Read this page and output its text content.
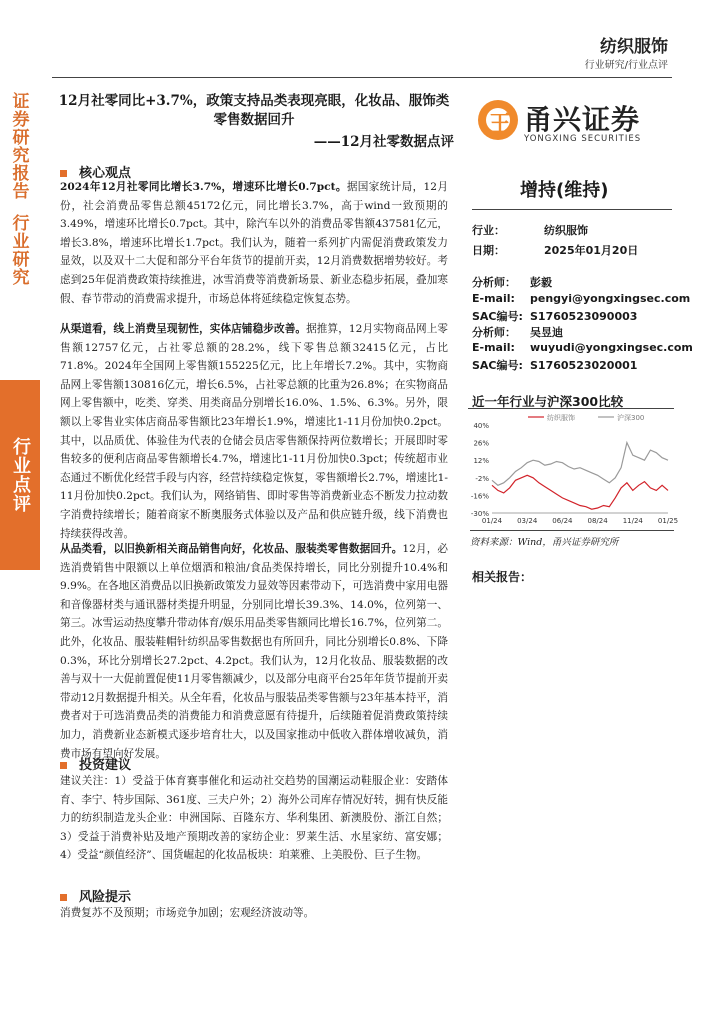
证券研究报告
行业研究
行业点评
纺织服饰
行业研究/行业点评
12月社零同比+3.7%，政策支持品类表现亮眼，化妆品、服饰类零售数据回升
——12月社零数据点评
王 甬兴证券
YONGXING SECURITIES
增持(维持)
行业：	纺织服饰
日期：	2025年01月20日
分析师： 彭毅
E-mail: pengyi@yongxingsec.com
SAC编号: S1760523090003
分析师： 吴昱迪
E-mail: wuyudi@yongxingsec.com
SAC编号: S1760523020001
核心观点
2024年12月社零同比增长3.7%，增速环比增长0.7pct。据国家统计局，12月份，社会消费品零售总额45172亿元，同比增长3.7%，高于wind一致预期的3.49%，增速环比增长0.7pct。其中，除汽车以外的消费品零售额437581亿元，增长3.8%，增速环比增长1.7pct。我们认为，随着一系列扩内需促消费政策发力显效，以及双十二大促和部分平台年货节的提前开卖，12月消费数据增势较好。考虑到25年促消费政策持续推进，冰雪消费等消费新场景、新业态稳步拓展，叠加寒假、春节带动的消费需求提升，市场总体将延续稳定恢复态势。
从渠道看，线上消费呈现韧性，实体店铺稳步改善。据推算，12月实物商品网上零售额12757亿元，占社零总额的28.2%，线下零售总额32415亿元，占比71.8%。2024年全国网上零售额155225亿元，比上年增长7.2%。其中，实物商品网上零售额130816亿元，增长6.5%，占社零总额的比重为26.8%；在实物商品网上零售额中，吃类、穿类、用类商品分别增长16.0%、1.5%、6.3%。另外，限额以上零售业实体店商品零售额比23年增长1.9%，增速比1-11月份加快0.2pct。其中，以品质优、体验佳为代表的仓储会员店零售额保持两位数增长；开展即时零售较多的便利店商品零售额增长4.7%，增速比1-11月份加快0.3pct；传统超市业态通过不断优化经营手段与内容，经营持续稳定恢复，零售额增长2.7%，增速比1-11月份加快0.2pct。我们认为，网络销售、即时零售等消费新业态不断发力拉动数字消费持续增长；随着商家不断奥服务式体验以及产品和供应链升级，线下消费也持续获得改善。
从品类看，以旧换新相关商品销售向好，化妆品、服装类零售数据回升。12月，必选消费销售中限额以上单位烟酒和粮油/食品类保持增长，同比分别提升10.4%和9.9%。在各地区消费品以旧换新政策发力显效等因素带动下，可选消费中家用电器和音像器材类与通讯器材类提升明显，分别同比增长39.3%、14.0%，位列第一、第三。冰雪运动热度攀升带动体育/娱乐用品类零售额同比增长16.7%，位列第二。此外，化妆品、服装鞋帽针纺织品零售数据也有所回升，同比分别增长0.8%、下降0.3%，环比分别增长27.2pct、4.2pct。我们认为，12月化妆品、服装数据的改善与双十一大促前置促使11月零售额减少，以及部分电商平台25年年货节提前开卖带动12月数据提升相关。从全年看，化妆品与服装品类零售额与23年基本持平，消费者对于可选消费品类的消费能力和消费意愿有待提升，后续随着促消费政策持续加力，消费新业态新模式逐步培育壮大，以及国家推动中低收入群体增收减负，消费市场有望向好发展。
投资建议
建议关注：1）受益于体育赛事催化和运动社交趋势的国潮运动鞋服企业：安踏体育、李宁、特步国际、361度、三夫户外；2）海外公司库存情况好转，拥有快反能力的纺织制造龙头企业：申洲国际、百隆东方、华利集团、新澳股份、浙江自然；3）受益于消费补贴及地产预期改善的家纺企业：罗莱生活、水星家纺、富安娜；4）受益“颜值经济”、国货崛起的化妆品板块：珀莱雅、上美股份、巨子生物。
风险提示
消费复苏不及预期；市场竞争加剧；宏观经济波动等。
近一年行业与沪深300比较
40%
26%
12%
-2%
-16%
-30%
01/24 03/24 06/24 08/24 11/24 01/25
纺织服饰	沪深300
资料来源：Wind，甬兴证券研究所
相关报告：
